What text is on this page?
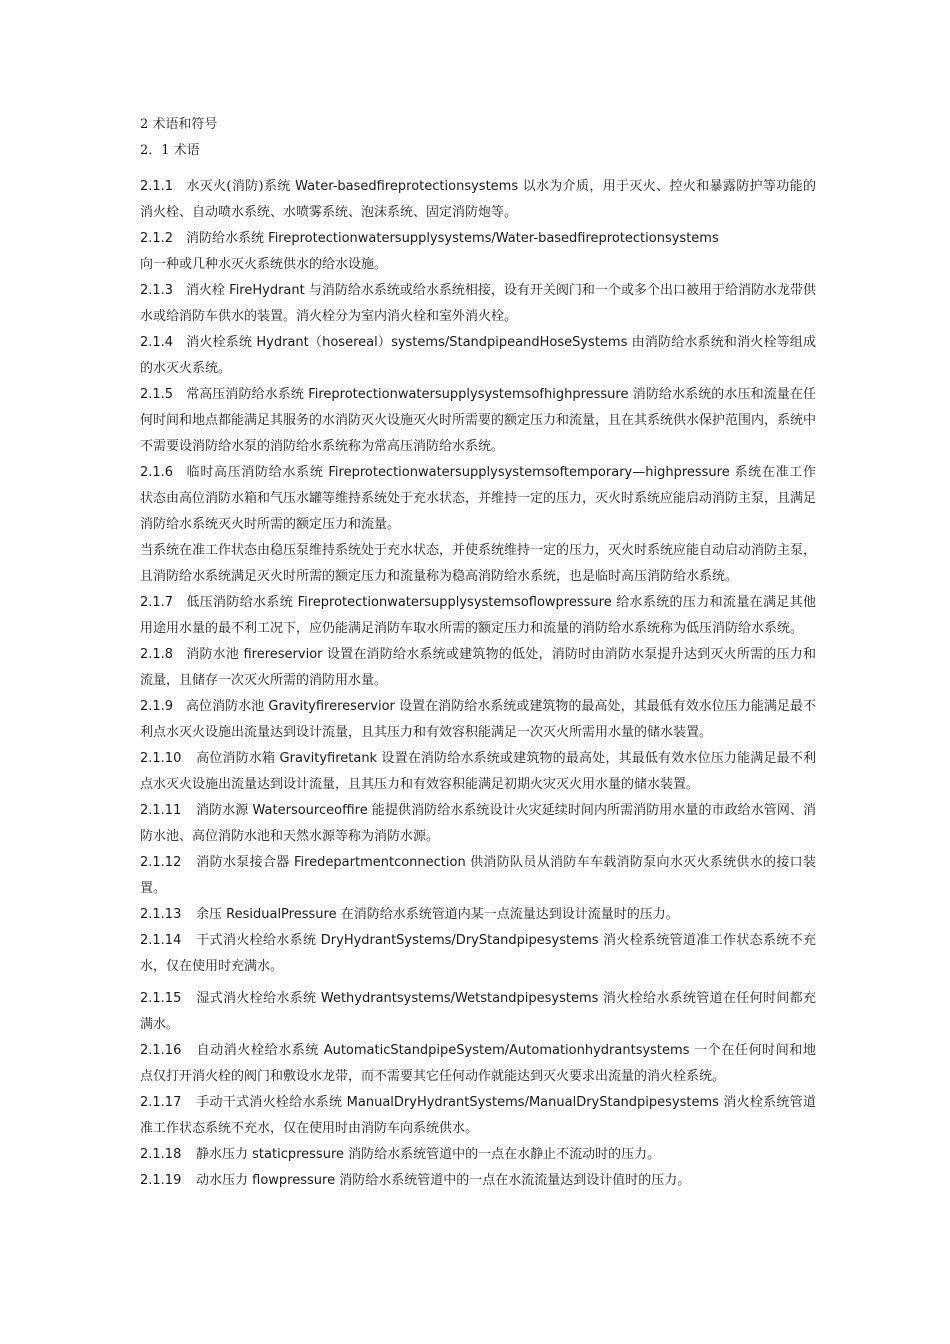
2 术语和符号

2．1 术语

2.1.1 水灭火(消防)系统 Water-basedfireprotectionsystems 以水为介质，用于灭火、控火和暴露防护等功能的消火栓、自动喷水系统、水喷雾系统、泡沫系统、固定消防炮等。

2.1.2 消防给水系统 Fireprotectionwatersupplysystems/Water-basedfireprotectionsystems
向一种或几种水灭火系统供水的给水设施。

2.1.3 消火栓 FireHydrant 与消防给水系统或给水系统相接，设有开关阀门和一个或多个出口被用于给消防水龙带供水或给消防车供水的装置。消火栓分为室内消火栓和室外消火栓。

2.1.4 消火栓系统 Hydrant（hosereal）systems/StandpipeandHoseSystems 由消防给水系统和消火栓等组成的水灭火系统。

2.1.5 常高压消防给水系统 Fireprotectionwatersupplysystemsofhighpressure 消防给水系统的水压和流量在任何时间和地点都能满足其服务的水消防灭火设施灭火时所需要的额定压力和流量，且在其系统供水保护范围内，系统中不需要设消防给水泵的消防给水系统称为常高压消防给水系统。

2.1.6 临时高压消防给水系统 Fireprotectionwatersupplysystemsoftemporary—highpressure 系统在准工作状态由高位消防水箱和气压水罐等维持系统处于充水状态，并维持一定的压力，灭火时系统应能启动消防主泵，且满足消防给水系统灭火时所需的额定压力和流量。

当系统在准工作状态由稳压泵维持系统处于充水状态，并使系统维持一定的压力，灭火时系统应能自动启动消防主泵，且消防给水系统满足灭火时所需的额定压力和流量称为稳高消防给水系统，也是临时高压消防给水系统。

2.1.7 低压消防给水系统 Fireprotectionwatersupplysystemsoflowpressure 给水系统的压力和流量在满足其他用途用水量的最不利工况下，应仍能满足消防车取水所需的额定压力和流量的消防给水系统称为低压消防给水系统。

2.1.8 消防水池 firereservior 设置在消防给水系统或建筑物的低处，消防时由消防水泵提升达到灭火所需的压力和流量，且储存一次灭火所需的消防用水量。

2.1.9 高位消防水池 Gravityfirereservior 设置在消防给水系统或建筑物的最高处，其最低有效水位压力能满足最不利点水灭火设施出流量达到设计流量，且其压力和有效容积能满足一次灭火所需用水量的储水装置。

2.1.10 高位消防水箱 Gravityfiretank 设置在消防给水系统或建筑物的最高处，其最低有效水位压力能满足最不利点水灭火设施出流量达到设计流量，且其压力和有效容积能满足初期火灾灭火用水量的储水装置。

2.1.11 消防水源 Watersourceoffire 能提供消防给水系统设计火灾延续时间内所需消防用水量的市政给水管网、消防水池、高位消防水池和天然水源等称为消防水源。

2.1.12 消防水泵接合器 Firedepartmentconnection 供消防队员从消防车车载消防泵向水灭火系统供水的接口装置。

2.1.13 余压 ResidualPressure 在消防给水系统管道内某一点流量达到设计流量时的压力。

2.1.14 干式消火栓给水系统 DryHydrantSystems/DryStandpipesystems 消火栓系统管道准工作状态系统不充水，仅在使用时充满水。

2.1.15 湿式消火栓给水系统 Wethydrantsystems/Wetstandpipesystems 消火栓给水系统管道在任何时间都充满水。

2.1.16 自动消火栓给水系统 AutomaticStandpipeSystem/Automationhydrantsystems 一个在任何时间和地点仅打开消火栓的阀门和敷设水龙带，而不需要其它任何动作就能达到灭火要求出流量的消火栓系统。

2.1.17 手动干式消火栓给水系统 ManualDryHydrantSystems/ManualDryStandpipesystems 消火栓系统管道准工作状态系统不充水，仅在使用时由消防车向系统供水。

2.1.18 静水压力 staticpressure 消防给水系统管道中的一点在水静止不流动时的压力。

2.1.19 动水压力 flowpressure 消防给水系统管道中的一点在水流流量达到设计值时的压力。
